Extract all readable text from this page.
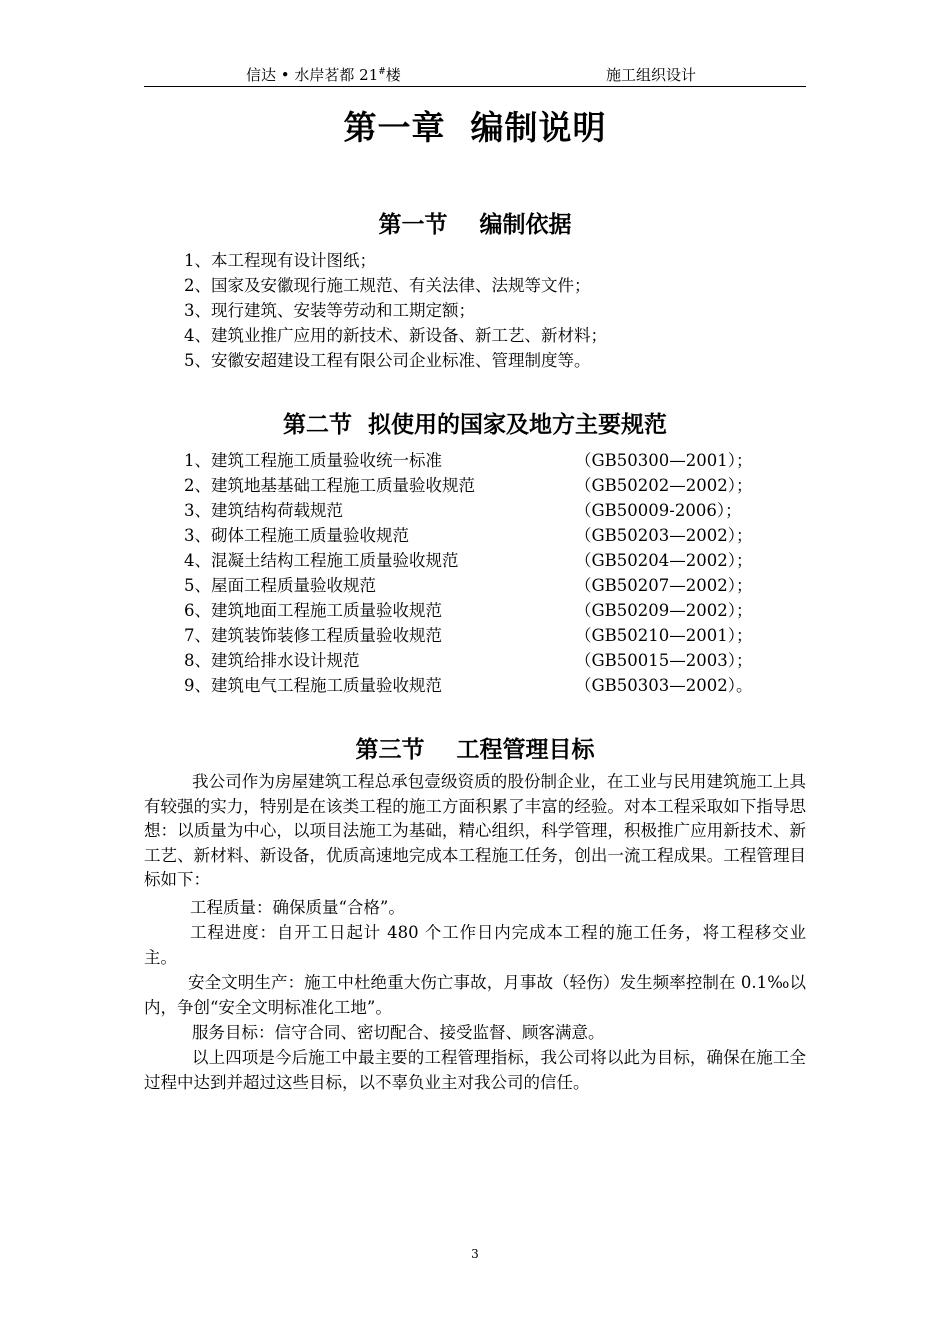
信达 • 水岸茗都 21#楼	施工组织设计
第一章  编制说明
第一节    编制依据
1、本工程现有设计图纸；
2、国家及安徽现行施工规范、有关法律、法规等文件；
3、现行建筑、安装等劳动和工期定额；
4、建筑业推广应用的新技术、新设备、新工艺、新材料；
5、安徽安超建设工程有限公司企业标准、管理制度等。
第二节  拟使用的国家及地方主要规范
1、建筑工程施工质量验收统一标准	（GB50300—2001）；
2、建筑地基基础工程施工质量验收规范	（GB50202—2002）；
3、建筑结构荷载规范	（GB50009-2006）；
3、砌体工程施工质量验收规范	（GB50203—2002）；
4、混凝土结构工程施工质量验收规范	（GB50204—2002）；
5、屋面工程质量验收规范	（GB50207—2002）；
6、建筑地面工程施工质量验收规范	（GB50209—2002）；
7、建筑装饰装修工程质量验收规范	（GB50210—2001）；
8、建筑给排水设计规范	（GB50015—2003）；
9、建筑电气工程施工质量验收规范	（GB50303—2002）。
第三节    工程管理目标

我公司作为房屋建筑工程总承包壹级资质的股份制企业，在工业与民用建筑施工上具有较强的实力，特别是在该类工程的施工方面积累了丰富的经验。对本工程采取如下指导思想：以质量为中心，以项目法施工为基础，精心组织，科学管理，积极推广应用新技术、新工艺、新材料、新设备，优质高速地完成本工程施工任务，创出一流工程成果。工程管理目标如下：

工程质量：确保质量“合格”。

工程进度：自开工日起计 480 个工作日内完成本工程的施工任务，将工程移交业主。

安全文明生产：施工中杜绝重大伤亡事故，月事故（轻伤）发生频率控制在 0.1‰以内，争创“安全文明标准化工地”。

服务目标：信守合同、密切配合、接受监督、顾客满意。

以上四项是今后施工中最主要的工程管理指标，我公司将以此为目标，确保在施工全过程中达到并超过这些目标，以不辜负业主对我公司的信任。

3
